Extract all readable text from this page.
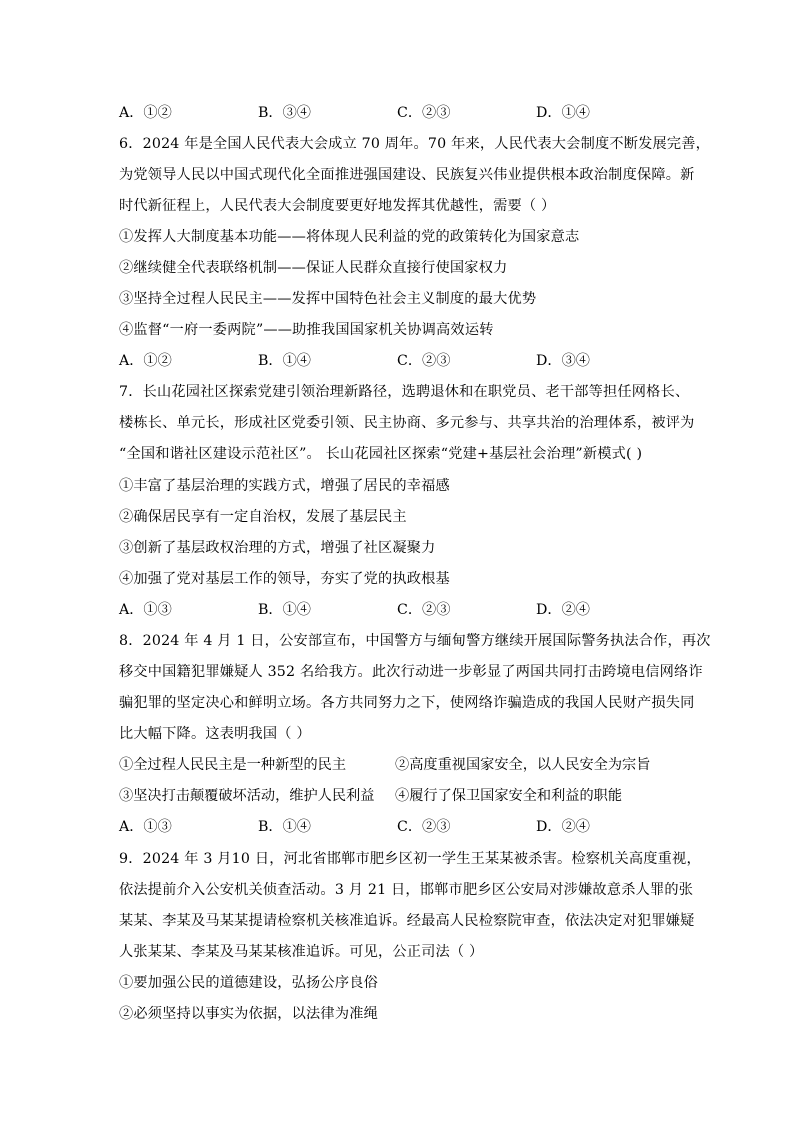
A．①②	B．③④	C．②③	D．①④
6．2024 年是全国人民代表大会成立 70 周年。70 年来，人民代表大会制度不断发展完善，
为党领导人民以中国式现代化全面推进强国建设、民族复兴伟业提供根本政治制度保障。新
时代新征程上，人民代表大会制度要更好地发挥其优越性，需要（ ）
①发挥人大制度基本功能——将体现人民利益的党的政策转化为国家意志
②继续健全代表联络机制——保证人民群众直接行使国家权力
③坚持全过程人民民主——发挥中国特色社会主义制度的最大优势
④监督“一府一委两院”——助推我国国家机关协调高效运转
A．①②	B．①④	C．②③	D．③④
7．长山花园社区探索党建引领治理新路径，选聘退休和在职党员、老干部等担任网格长、
楼栋长、单元长，形成社区党委引领、民主协商、多元参与、共享共治的治理体系，被评为
“全国和谐社区建设示范社区”。 长山花园社区探索“党建+基层社会治理”新模式( )
①丰富了基层治理的实践方式，增强了居民的幸福感
②确保居民享有一定自治权，发展了基层民主
③创新了基层政权治理的方式，增强了社区凝聚力
④加强了党对基层工作的领导，夯实了党的执政根基
A．①③	B．①④	C．②③	D．②④
8．2024 年 4 月 1 日，公安部宣布，中国警方与缅甸警方继续开展国际警务执法合作，再次
移交中国籍犯罪嫌疑人 352 名给我方。此次行动进一步彰显了两国共同打击跨境电信网络诈
骗犯罪的坚定决心和鲜明立场。各方共同努力之下，使网络诈骗造成的我国人民财产损失同
比大幅下降。这表明我国（ ）
①全过程人民民主是一种新型的民主	②高度重视国家安全，以人民安全为宗旨
③坚决打击颠覆破坏活动，维护人民利益 ④履行了保卫国家安全和利益的职能
A．①③	B．①④	C．②③	D．②④
9．2024 年 3 月10 日，河北省邯郸市肥乡区初一学生王某某被杀害。检察机关高度重视，
依法提前介入公安机关侦查活动。3 月 21 日，邯郸市肥乡区公安局对涉嫌故意杀人罪的张
某某、李某及马某某提请检察机关核准追诉。经最高人民检察院审查，依法决定对犯罪嫌疑
人张某某、李某及马某某核准追诉。可见，公正司法（ ）
①要加强公民的道德建设，弘扬公序良俗
②必须坚持以事实为依据，以法律为准绳
